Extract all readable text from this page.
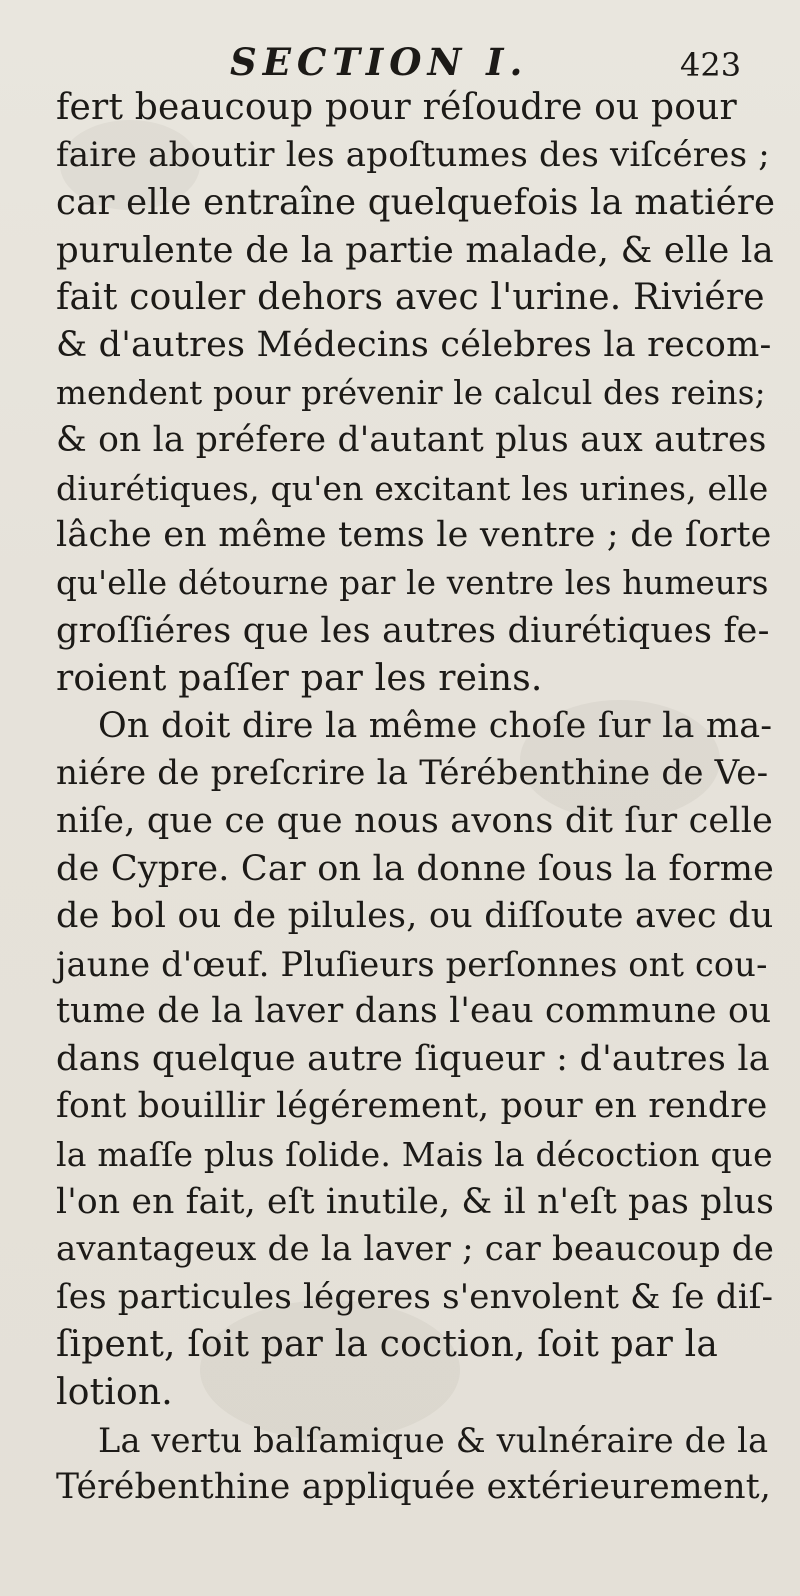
SECTION I.	423
fert beaucoup pour réſoudre ou pour
faire aboutir les apoſtumes des viſcéres ;
car elle entraîne quelquefois la matiére
purulente de la partie malade, & elle la
fait couler dehors avec l'urine. Riviére
& d'autres Médecins célebres la recom-
mendent pour prévenir le calcul des reins;
& on la préfere d'autant plus aux autres
diurétiques, qu'en excitant les urines, elle
lâche en même tems le ventre ; de ſorte
qu'elle détourne par le ventre les humeurs
groſſiéres que les autres diurétiques fe-
roient paſſer par les reins.
On doit dire la même choſe ſur la ma-
niére de preſcrire la Térébenthine de Ve-
niſe, que ce que nous avons dit ſur celle
de Cypre. Car on la donne ſous la forme
de bol ou de pilules, ou diſſoute avec du
jaune d'œuf. Pluſieurs perſonnes ont cou-
tume de la laver dans l'eau commune ou
dans quelque autre ſiqueur : d'autres la
font bouillir légérement, pour en rendre
la maſſe plus ſolide. Mais la décoction que
l'on en fait, eſt inutile, & il n'eſt pas plus
avantageux de la laver ; car beaucoup de
ſes particules légeres s'envolent & ſe diſ-
ſipent, ſoit par la coction, ſoit par la
lotion.
La vertu balſamique & vulnéraire de la
Térébenthine appliquée extérieurement,
